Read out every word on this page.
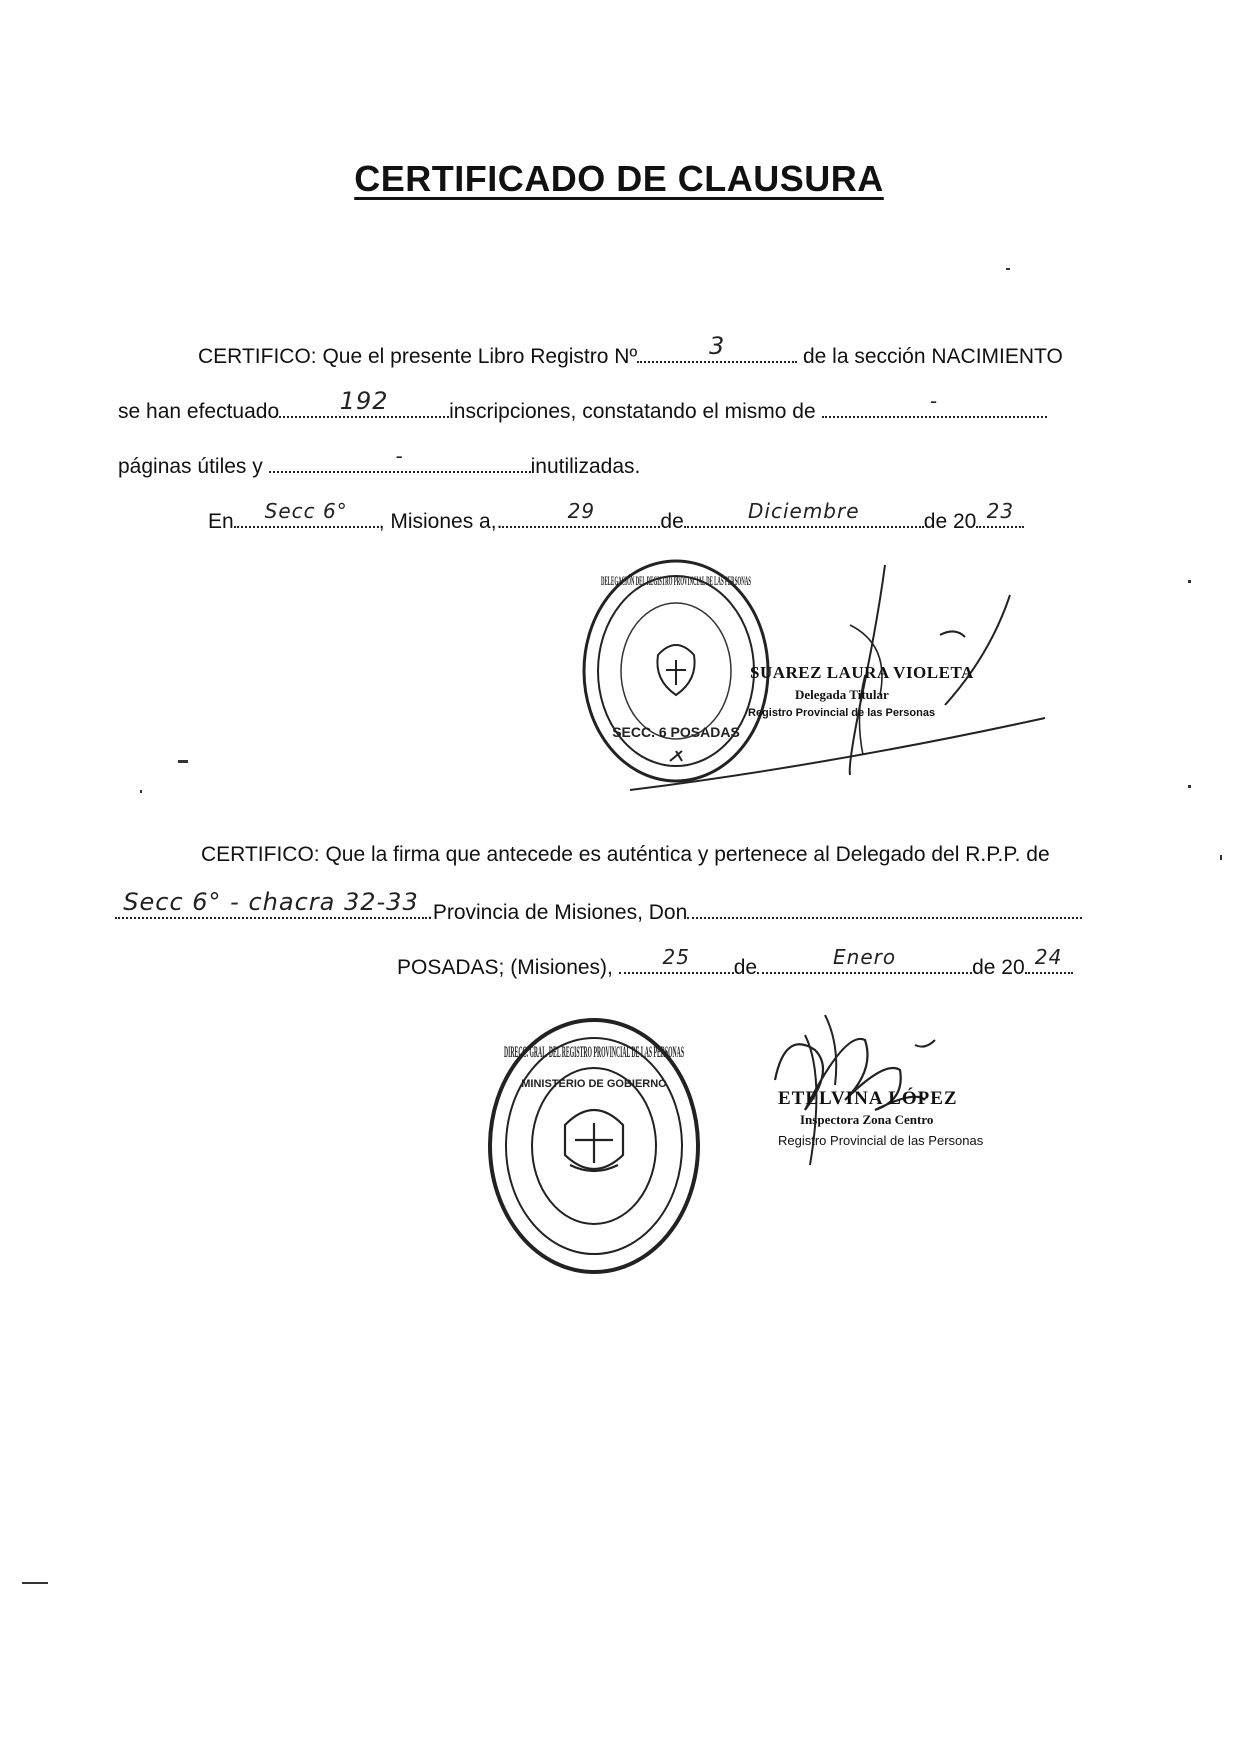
CERTIFICADO DE CLAUSURA
CERTIFICO: Que el presente Libro Registro Nº	3	de la sección NACIMIENTO
se han efectuado	192	inscripciones, constatando el mismo de	-
páginas útiles y	-	inutilizadas.
En	Secc 6°	, Misiones a,.	29	de	Diciembre	de 20 23
DELEGACIÓN DEL REGISTRO PROVINCIAL DE LAS PERSONAS
SECC. 6 POSADAS
SUAREZ LAURA VIOLETA
Delegada Titular
Registro Provincial de las Personas
CERTIFICO: Que la firma que antecede es auténtica y pertenece al Delegado del R.P.P. de
Secc 6° - chacra 32-33 .Provincia de Misiones, Don
POSADAS; (Misiones),	25	de	Enero	de 20 24
DIRECC. GRAL. DEL REGISTRO PROVINCIAL DE LAS PERSONAS
MINISTERIO DE GOBIERNO
ETELVINA LÓPEZ
Inspectora Zona Centro
Registro Provincial de las Personas
